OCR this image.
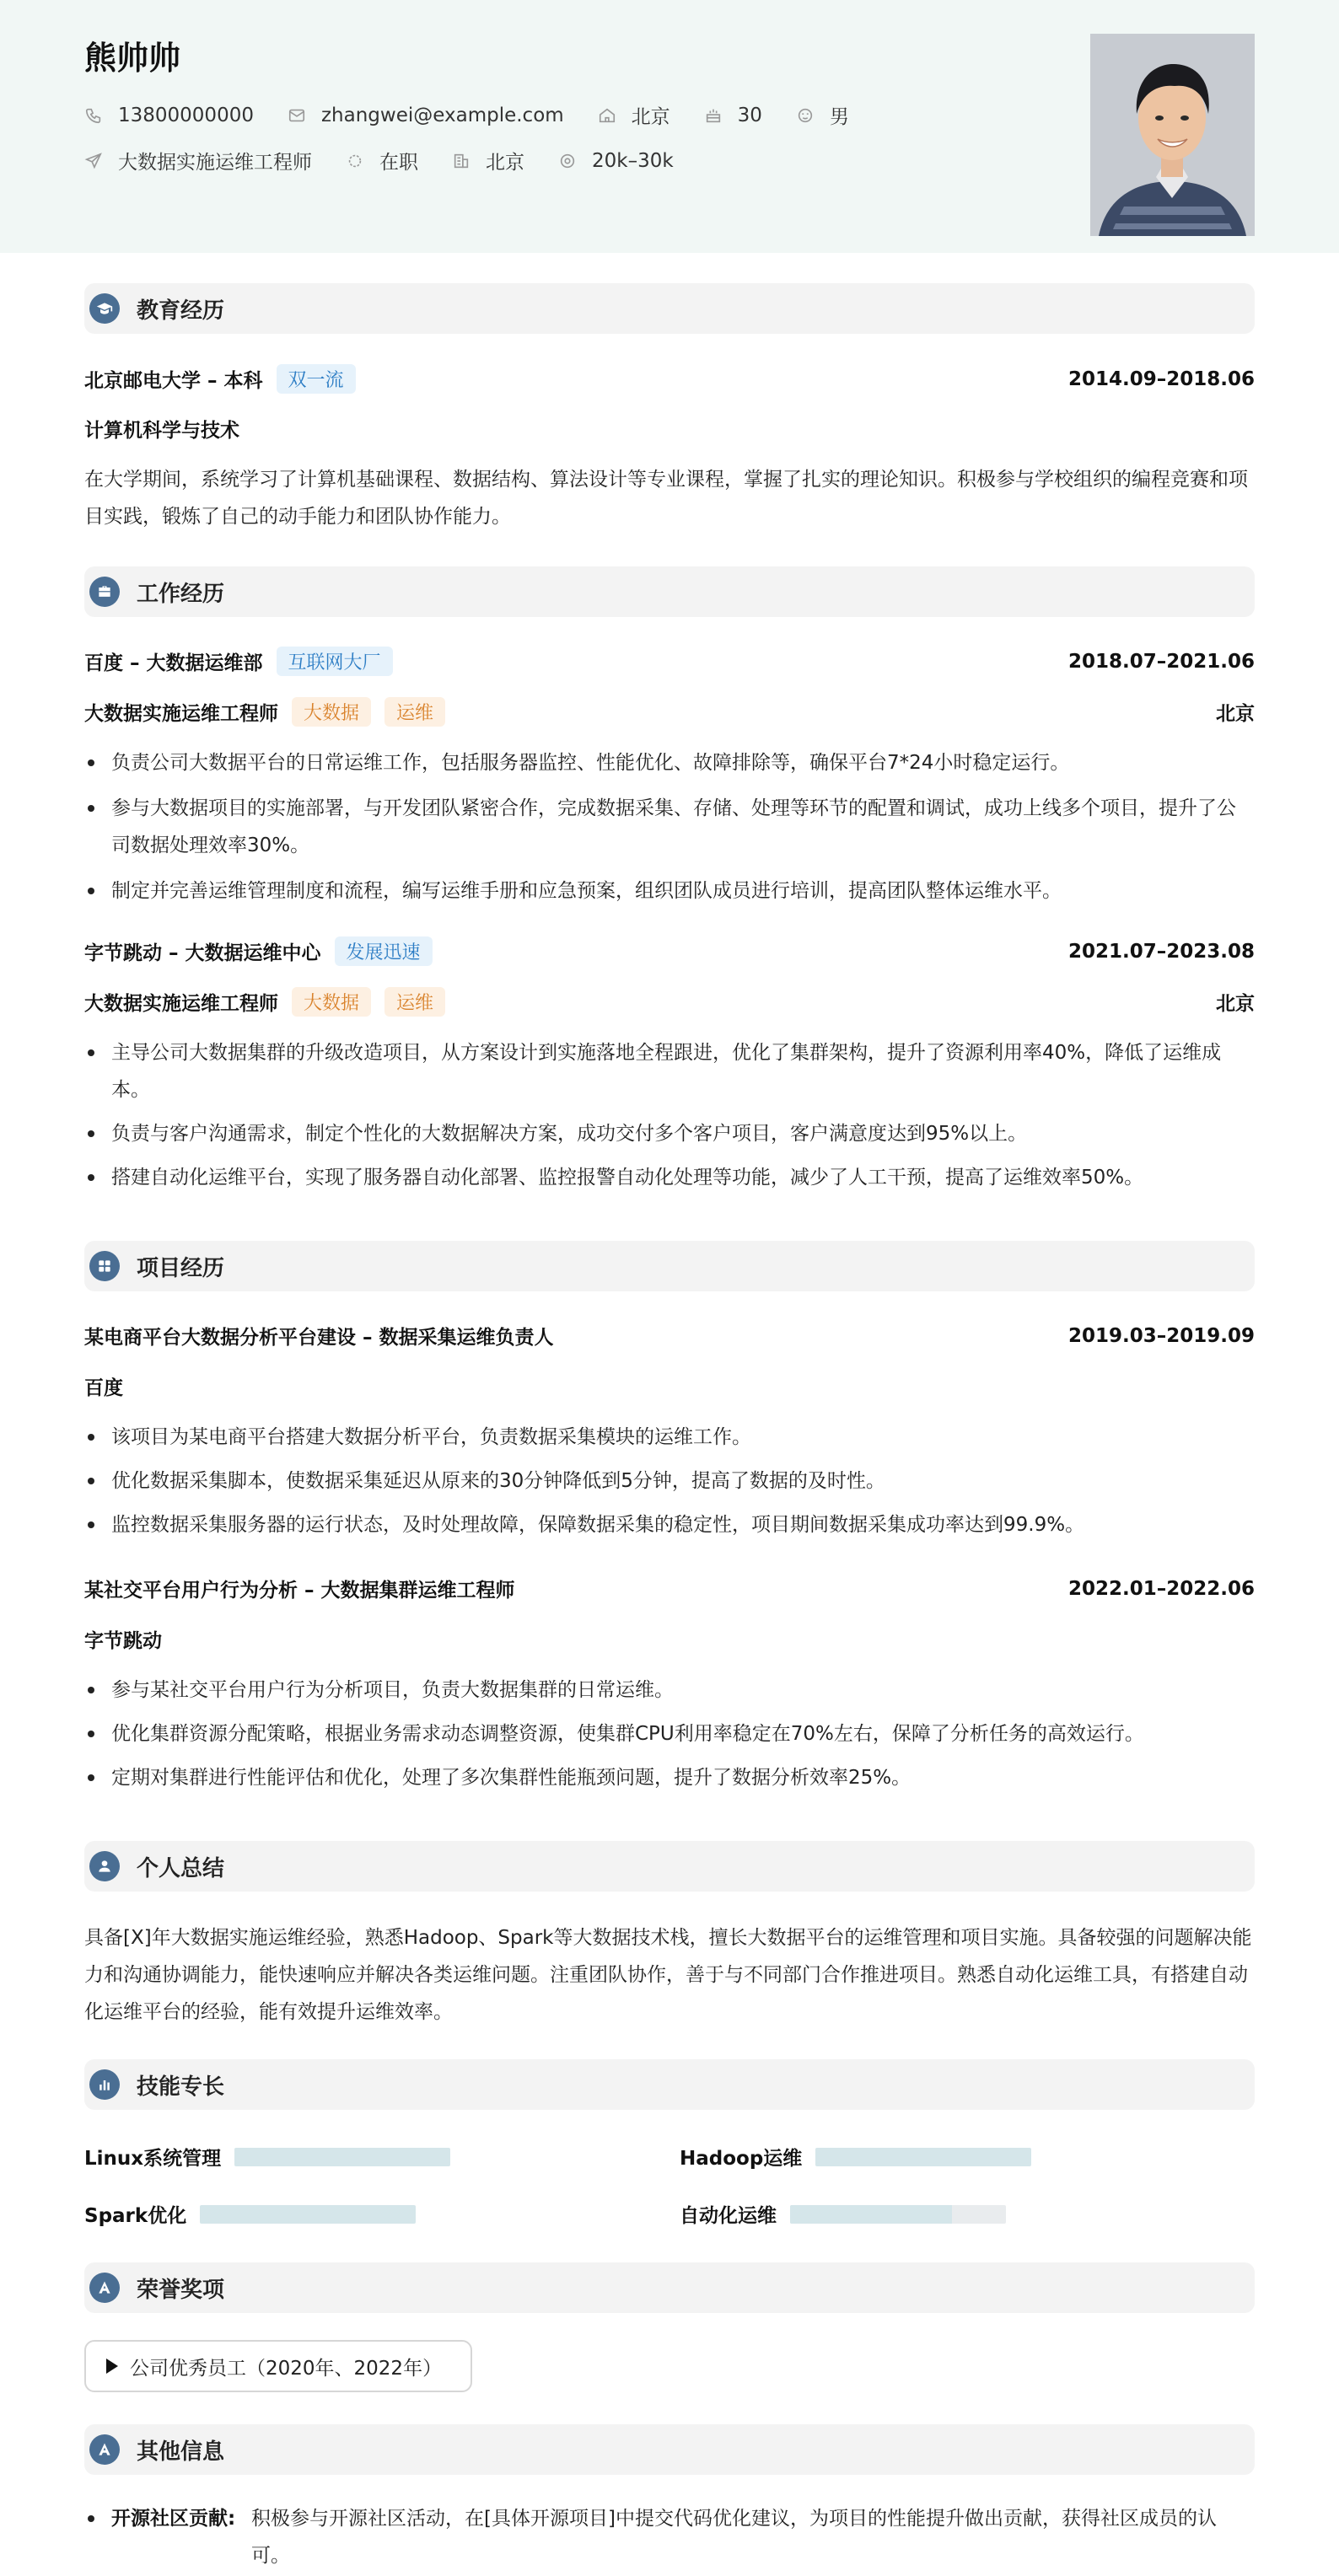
熊帅帅
13800000000	zhangwei@example.com	北京	30	男
大数据实施运维工程师	在职	北京	20k–30k
教育经历
北京邮电大学 – 本科	双一流	2014.09–2018.06
计算机科学与技术
在大学期间，系统学习了计算机基础课程、数据结构、算法设计等专业课程，掌握了扎实的理论知识。积极参与学校组织的编程竞赛和项目实践，锻炼了自己的动手能力和团队协作能力。
工作经历
百度 – 大数据运维部	互联网大厂	2018.07–2021.06
大数据实施运维工程师	大数据	运维	北京
负责公司大数据平台的日常运维工作，包括服务器监控、性能优化、故障排除等，确保平台7*24小时稳定运行。
参与大数据项目的实施部署，与开发团队紧密合作，完成数据采集、存储、处理等环节的配置和调试，成功上线多个项目，提升了公司数据处理效率30%。
制定并完善运维管理制度和流程，编写运维手册和应急预案，组织团队成员进行培训，提高团队整体运维水平。
字节跳动 – 大数据运维中心	发展迅速	2021.07–2023.08
大数据实施运维工程师	大数据	运维	北京
主导公司大数据集群的升级改造项目，从方案设计到实施落地全程跟进，优化了集群架构，提升了资源利用率40%，降低了运维成本。
负责与客户沟通需求，制定个性化的大数据解决方案，成功交付多个客户项目，客户满意度达到95%以上。
搭建自动化运维平台，实现了服务器自动化部署、监控报警自动化处理等功能，减少了人工干预，提高了运维效率50%。
项目经历
某电商平台大数据分析平台建设 – 数据采集运维负责人	2019.03–2019.09
百度
该项目为某电商平台搭建大数据分析平台，负责数据采集模块的运维工作。
优化数据采集脚本，使数据采集延迟从原来的30分钟降低到5分钟，提高了数据的及时性。
监控数据采集服务器的运行状态，及时处理故障，保障数据采集的稳定性，项目期间数据采集成功率达到99.9%。
某社交平台用户行为分析 – 大数据集群运维工程师	2022.01–2022.06
字节跳动
参与某社交平台用户行为分析项目，负责大数据集群的日常运维。
优化集群资源分配策略，根据业务需求动态调整资源，使集群CPU利用率稳定在70%左右，保障了分析任务的高效运行。
定期对集群进行性能评估和优化，处理了多次集群性能瓶颈问题，提升了数据分析效率25%。
个人总结
具备[X]年大数据实施运维经验，熟悉Hadoop、Spark等大数据技术栈，擅长大数据平台的运维管理和项目实施。具备较强的问题解决能力和沟通协调能力，能快速响应并解决各类运维问题。注重团队协作，善于与不同部门合作推进项目。熟悉自动化运维工具，有搭建自动化运维平台的经验，能有效提升运维效率。
技能专长
Linux系统管理	Hadoop运维
Spark优化	自动化运维
荣誉奖项
公司优秀员工（2020年、2022年）
其他信息
开源社区贡献: 积极参与开源社区活动，在[具体开源项目]中提交代码优化建议，为项目的性能提升做出贡献，获得社区成员的认可。
